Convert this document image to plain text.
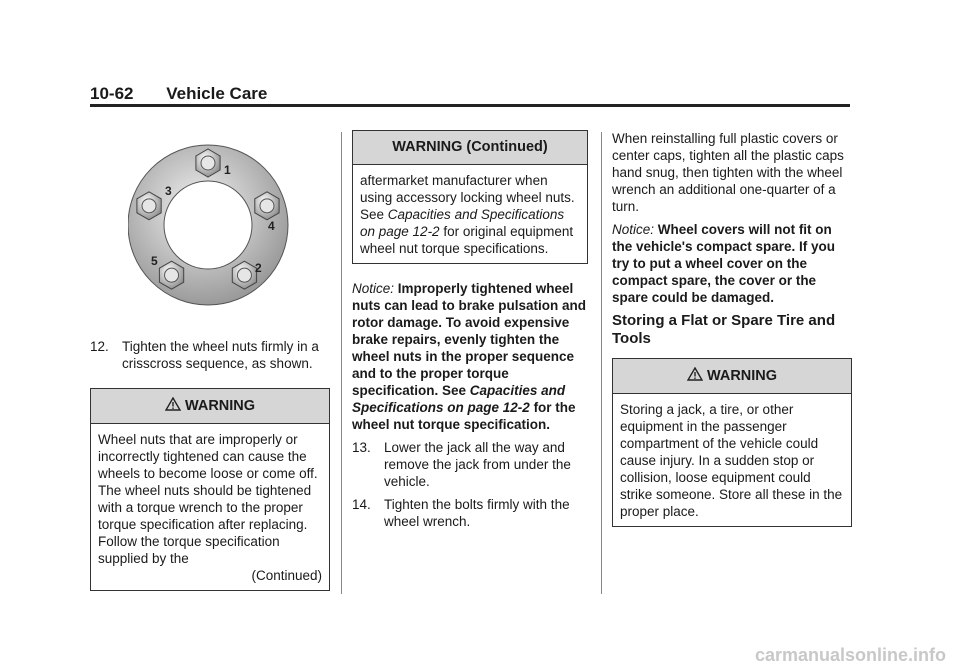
10-62 Vehicle Care
1
2
3
4
5
12. Tighten the wheel nuts firmly in a crisscross sequence, as shown.
WARNING
Wheel nuts that are improperly or incorrectly tightened can cause the wheels to become loose or come off. The wheel nuts should be tightened with a torque wrench to the proper torque specification after replacing. Follow the torque specification supplied by the
(Continued)
WARNING (Continued)
aftermarket manufacturer when using accessory locking wheel nuts. See Capacities and Specifications on page 12-2 for original equipment wheel nut torque specifications.
Notice: Improperly tightened wheel nuts can lead to brake pulsation and rotor damage. To avoid expensive brake repairs, evenly tighten the wheel nuts in the proper sequence and to the proper torque specification. See Capacities and Specifications on page 12-2 for the wheel nut torque specification.
13. Lower the jack all the way and remove the jack from under the vehicle.
14. Tighten the bolts firmly with the wheel wrench.
When reinstalling full plastic covers or center caps, tighten all the plastic caps hand snug, then tighten with the wheel wrench an additional one-quarter of a turn.
Notice: Wheel covers will not fit on the vehicle's compact spare. If you try to put a wheel cover on the compact spare, the cover or the spare could be damaged.
Storing a Flat or Spare Tire and Tools
WARNING
Storing a jack, a tire, or other equipment in the passenger compartment of the vehicle could cause injury. In a sudden stop or collision, loose equipment could strike someone. Store all these in the proper place.
carmanualsonline.info
